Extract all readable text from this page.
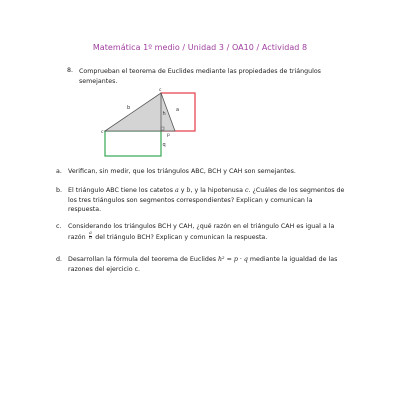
Matemática 1º medio / Unidad 3 / OA10 / Actividad 8
8. Comprueban el teorema de Euclides mediante las propiedades de triángulos semejantes.
c
b	a
h
c
p
q
a. Verifican, sin medir, que los triángulos ABC, BCH y CAH son semejantes.
b. El triángulo ABC tiene los catetos a y b, y la hipotenusa c. ¿Cuáles de los segmentos de los tres triángulos son segmentos correspondientes? Explican y comunican la respuesta.
c. Considerando los triángulos BCH y CAH, ¿qué razón en el triángulo CAH es igual a la razón $\frac{a}{h}$ del triángulo BCH? Explican y comunican la respuesta.
d. Desarrollan la fórmula del teorema de Euclides h² = p · q mediante la igualdad de las razones del ejercicio c.
